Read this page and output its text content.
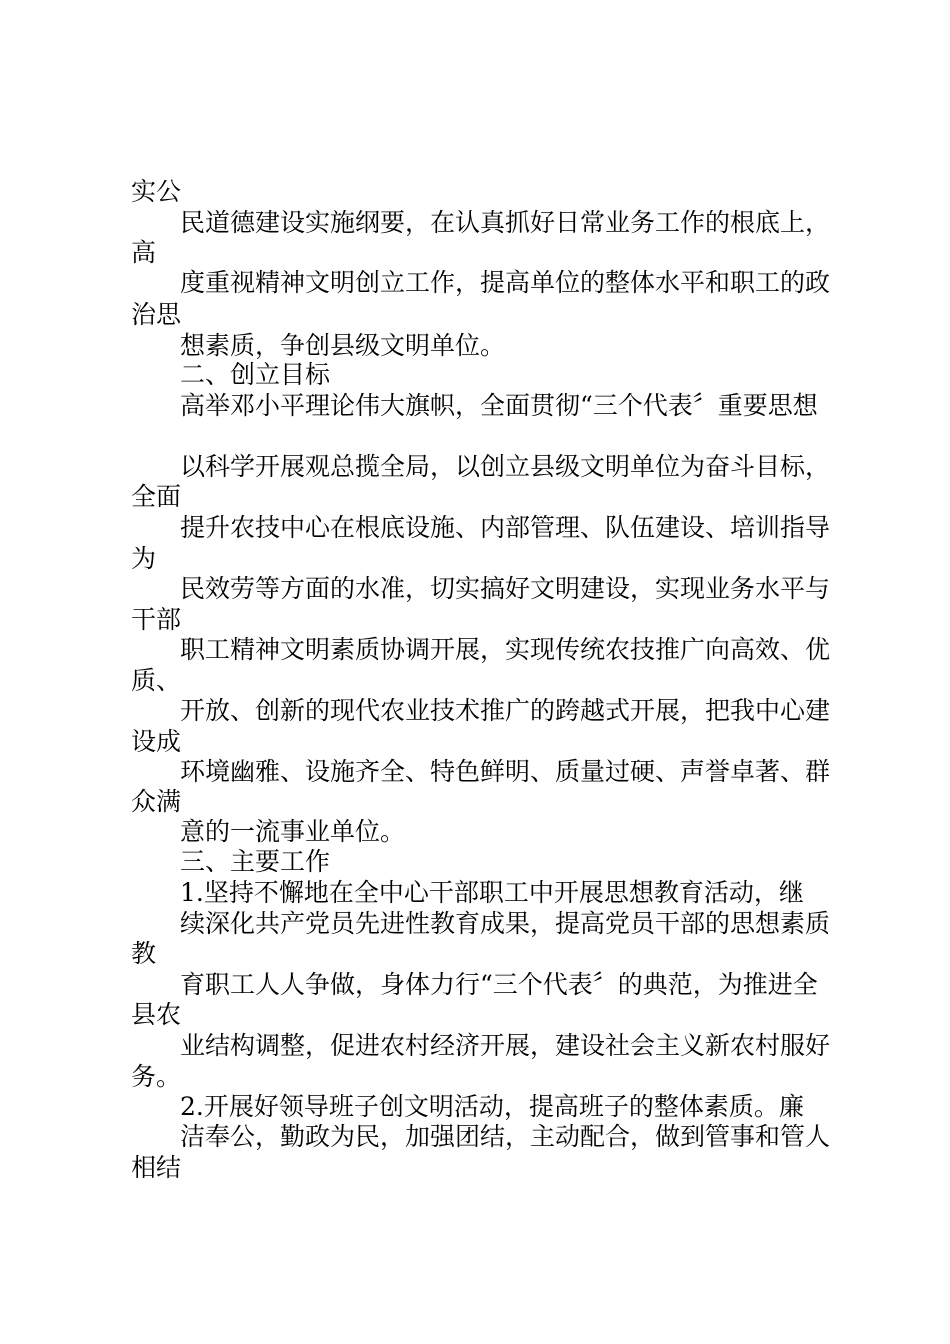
实公
民道德建设实施纲要，在认真抓好日常业务工作的根底上，
高
度重视精神文明创立工作，提高单位的整体水平和职工的政
治思
想素质，争创县级文明单位。
二、创立目标
高举邓小平理论伟大旗帜，全面贯彻“三个代表〞重要思想
以科学开展观总揽全局，以创立县级文明单位为奋斗目标，
全面
提升农技中心在根底设施、内部管理、队伍建设、培训指导
为
民效劳等方面的水准，切实搞好文明建设，实现业务水平与
干部
职工精神文明素质协调开展，实现传统农技推广向高效、优
质、
开放、创新的现代农业技术推广的跨越式开展，把我中心建
设成
环境幽雅、设施齐全、特色鲜明、质量过硬、声誉卓著、群
众满
意的一流事业单位。
三、主要工作
1.坚持不懈地在全中心干部职工中开展思想教育活动，继
续深化共产党员先进性教育成果，提高党员干部的思想素质
教
育职工人人争做，身体力行“三个代表〞的典范，为推进全
县农
业结构调整，促进农村经济开展，建设社会主义新农村服好
务。
2.开展好领导班子创文明活动，提高班子的整体素质。廉
洁奉公，勤政为民，加强团结，主动配合，做到管事和管人
相结
